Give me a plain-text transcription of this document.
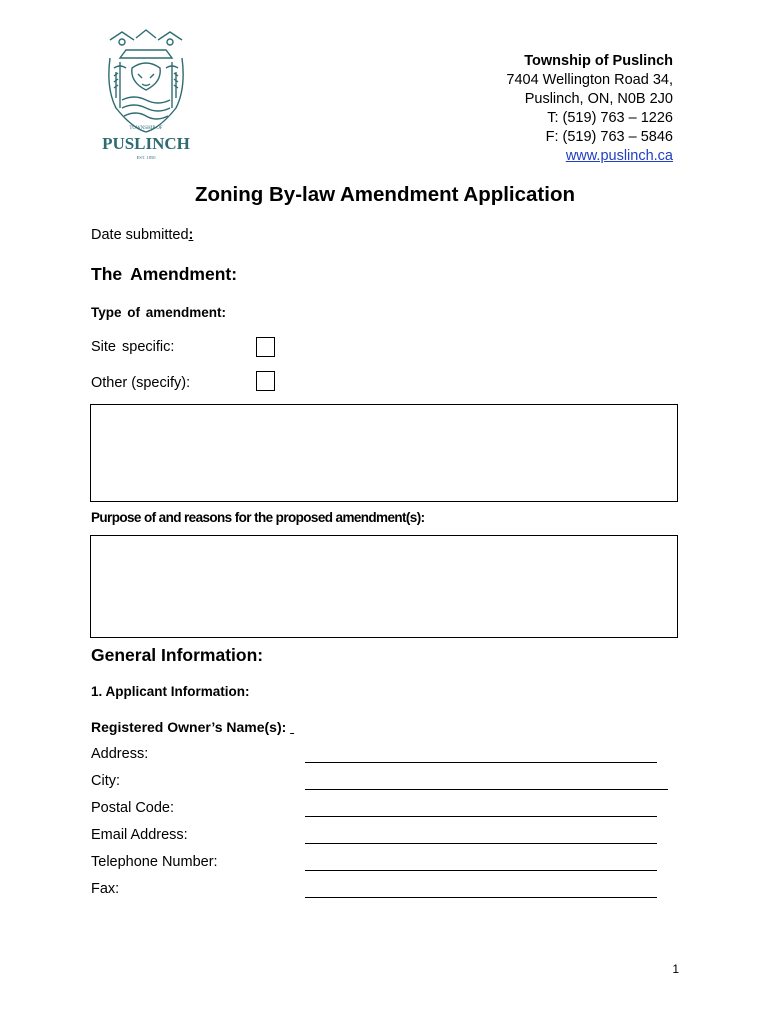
TOWNSHIP OF
PUSLINCH
EST. 1850
Township of Puslinch
7404 Wellington Road 34,
Puslinch, ON, N0B 2J0
T: (519) 763 – 1226
F: (519) 763 – 5846
www.puslinch.ca
Zoning By-law Amendment Application
Date submitted:
The Amendment:
Type of amendment:
Site specific:
Other (specify):
Purpose of and reasons for the proposed amendment(s):
General Information:
1. Applicant Information:
Registered Owner’s Name(s):
Address:
City:
Postal Code:
Email Address:
Telephone Number:
Fax:
1
